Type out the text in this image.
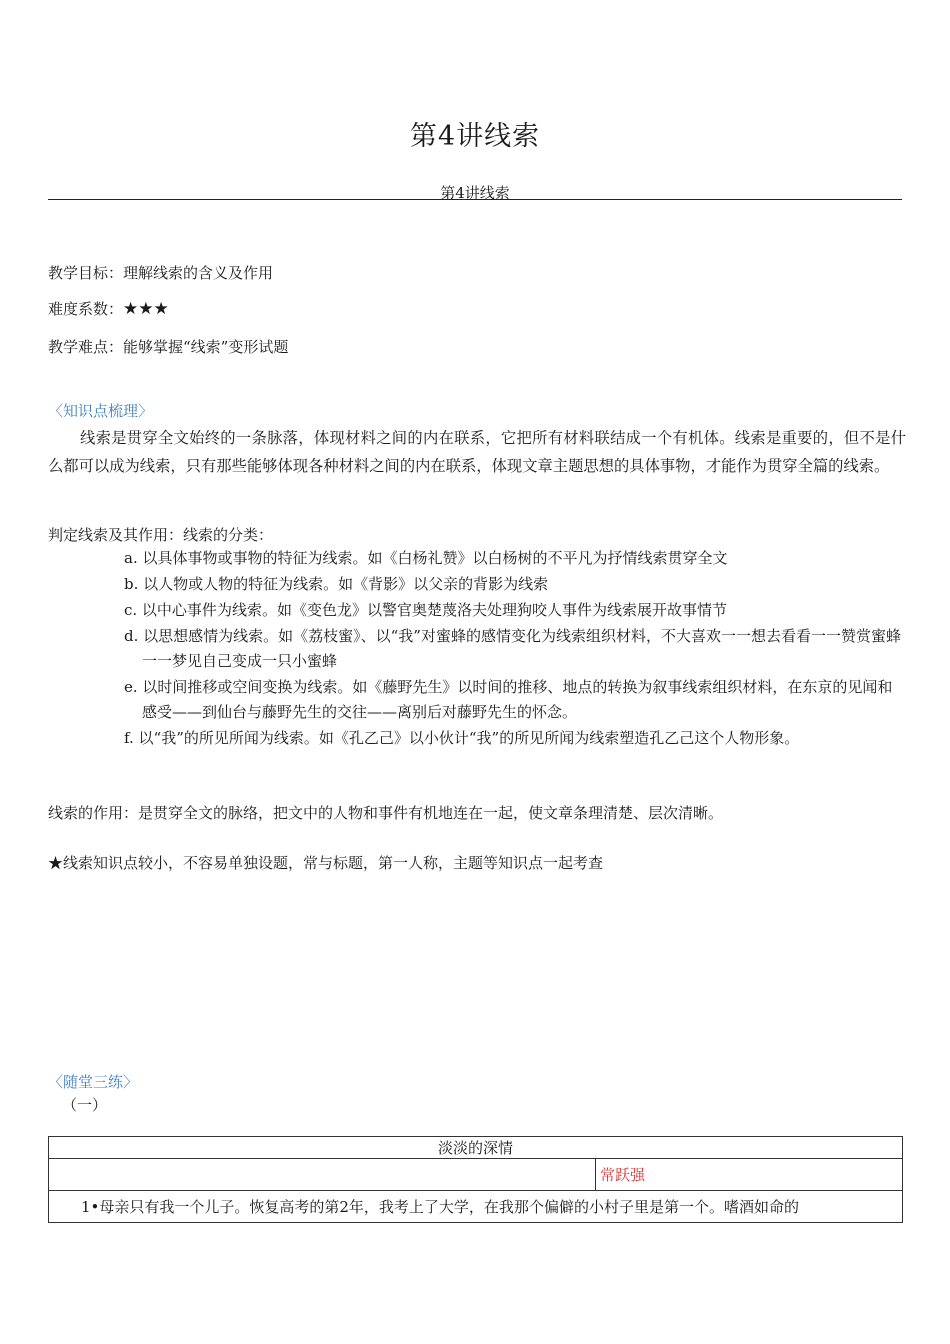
第4讲线索
第4讲线索
教学目标：理解线索的含义及作用
难度系数：★★★
教学难点：能够掌握“线索”变形试题
〈知识点梳理〉
线索是贯穿全文始终的一条脉落，体现材料之间的内在联系，它把所有材料联结成一个有机体。线索是重要的，但不是什么都可以成为线索，只有那些能够体现各种材料之间的内在联系，体现文章主题思想的具体事物，才能作为贯穿全篇的线索。
判定线索及其作用：线索的分类：
a. 以具体事物或事物的特征为线索。如《白杨礼赞》以白杨树的不平凡为抒情线索贯穿全文
b. 以人物或人物的特征为线索。如《背影》以父亲的背影为线索
c. 以中心事件为线索。如《变色龙》以警官奥楚蔑洛夫处理狗咬人事件为线索展开故事情节
d. 以思想感情为线索。如《荔枝蜜》、以“我”对蜜蜂的感情变化为线索组织材料，不大喜欢一一想去看看一一赞赏蜜蜂一一梦见自己变成一只小蜜蜂
e. 以时间推移或空间变换为线索。如《藤野先生》以时间的推移、地点的转换为叙事线索组织材料，在东京的见闻和感受——到仙台与藤野先生的交往——离别后对藤野先生的怀念。
f. 以“我”的所见所闻为线索。如《孔乙己》以小伙计“我”的所见所闻为线索塑造孔乙己这个人物形象。
线索的作用：是贯穿全文的脉络，把文中的人物和事件有机地连在一起，使文章条理清楚、层次清晰。
★线索知识点较小，不容易单独设题，常与标题，第一人称，主题等知识点一起考查
〈随堂三练〉
（一）
淡淡的深情
	常跃强
1•母亲只有我一个儿子。恢复高考的第2年，我考上了大学，在我那个偏僻的小村子里是第一个。嗜酒如命的
